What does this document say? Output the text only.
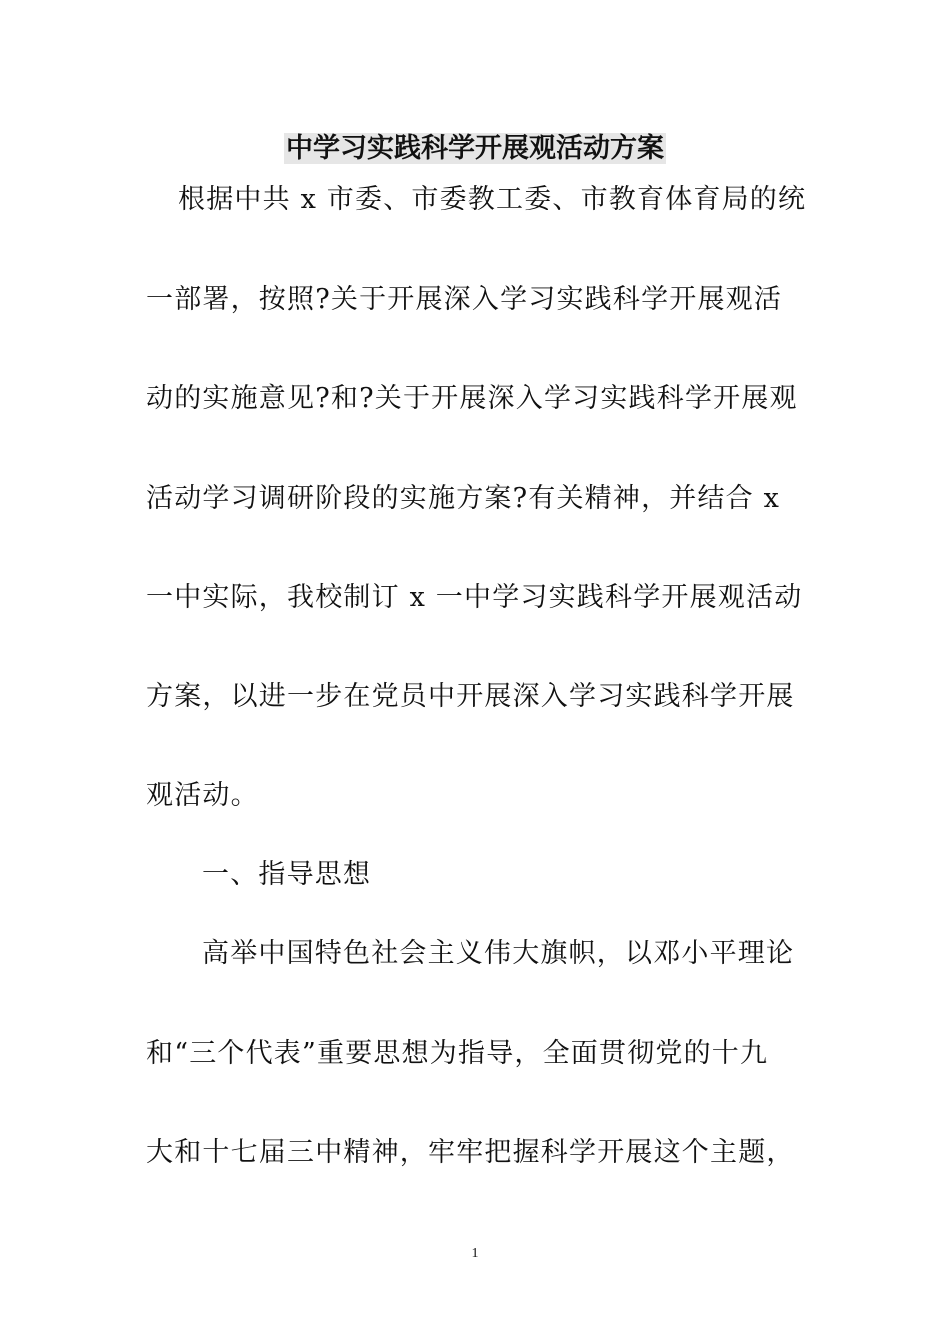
中学习实践科学开展观活动方案
根据中共 x 市委、市委教工委、市教育体育局的统
一部署，按照?关于开展深入学习实践科学开展观活
动的实施意见?和?关于开展深入学习实践科学开展观
活动学习调研阶段的实施方案?有关精神，并结合 x
一中实际，我校制订 x 一中学习实践科学开展观活动
方案，以进一步在党员中开展深入学习实践科学开展
观活动。
一、指导思想
高举中国特色社会主义伟大旗帜，以邓小平理论
和“三个代表”重要思想为指导，全面贯彻党的十九
大和十七届三中精神，牢牢把握科学开展这个主题，
1
